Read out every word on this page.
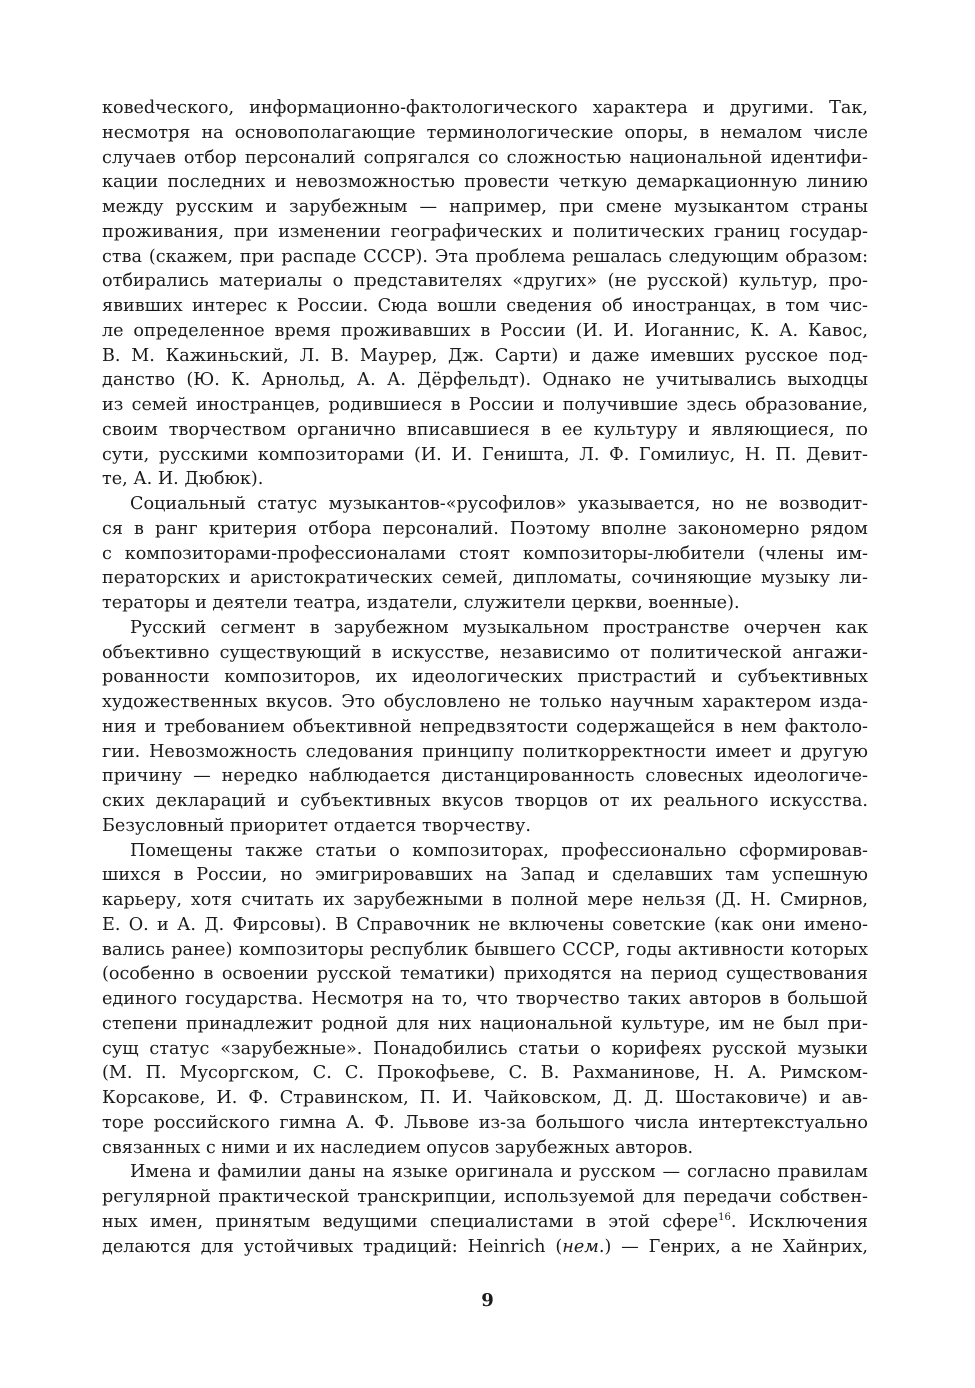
ковedческого, информационно-фактологического характера и другими. Так,
несмотря на основополагающие терминологические опоры, в немалом числе
случаев отбор персоналий сопрягался со сложностью национальной идентифи-
кации последних и невозможностью провести четкую демаркационную линию
между русским и зарубежным — например, при смене музыкантом страны
проживания, при изменении географических и политических границ государ-
ства (скажем, при распаде СССР). Эта проблема решалась следующим образом:
отбирались материалы о представителях «других» (не русской) культур, про-
явивших интерес к России. Сюда вошли сведения об иностранцах, в том чис-
ле определенное время проживавших в России (И. И. Иоганнис, К. А. Кавос,
В. М. Кажиньский, Л. В. Маурер, Дж. Сарти) и даже имевших русское под-
данство (Ю. К. Арнольд, А. А. Дёрфельдт). Однако не учитывались выходцы
из семей иностранцев, родившиеся в России и получившие здесь образование,
своим творчеством органично вписавшиеся в ее культуру и являющиеся, по
сути, русскими композиторами (И. И. Геништa, Л. Ф. Гомилиус, Н. П. Девит-
те, А. И. Дюбюк).
Социальный статус музыкантов-«русофилов» указывается, но не возводит-
ся в ранг критерия отбора персоналий. Поэтому вполне закономерно рядом
с композиторами-профессионалами стоят композиторы-любители (члены им-
ператорских и аристократических семей, дипломаты, сочиняющие музыку ли-
тераторы и деятели театра, издатели, служители церкви, военные).
Русский сегмент в зарубежном музыкальном пространстве очерчен как
объективно существующий в искусстве, независимо от политической ангажи-
рованности композиторов, их идеологических пристрастий и субъективных
художественных вкусов. Это обусловлено не только научным характером изда-
ния и требованием объективной непредвзятости содержащейся в нем фактоло-
гии. Невозможность следования принципу политкорректности имеет и другую
причину — нередко наблюдается дистанцированность словесных идеологиче-
ских деклараций и субъективных вкусов творцов от их реального искусства.
Безусловный приоритет отдается творчеству.
Помещены также статьи о композиторах, профессионально сформировав-
шихся в России, но эмигрировавших на Запад и сделавших там успешную
карьеру, хотя считать их зарубежными в полной мере нельзя (Д. Н. Смирнов,
Е. О. и А. Д. Фирсовы). В Справочник не включены советские (как они имено-
вались ранее) композиторы республик бывшего СССР, годы активности которых
(особенно в освоении русской тематики) приходятся на период существования
единого государства. Несмотря на то, что творчество таких авторов в большой
степени принадлежит родной для них национальной культуре, им не был при-
сущ статус «зарубежные». Понадобились статьи о корифеях русской музыки
(М. П. Мусоргском, С. С. Прокофьеве, С. В. Рахманинове, Н. А. Римском-
Корсакове, И. Ф. Стравинском, П. И. Чайковском, Д. Д. Шостаковиче) и ав-
торе российского гимна А. Ф. Львове из-за большого числа интертекстуально
связанных с ними и их наследием опусов зарубежных авторов.
Имена и фамилии даны на языке оригинала и русском — согласно правилам
регулярной практической транскрипции, используемой для передачи собствен-
ных имен, принятым ведущими специалистами в этой сфере$^{16}$. Исключения
делаются для устойчивых традиций: Heinrich (нем.) — Генрих, а не Хайнрих,
9
